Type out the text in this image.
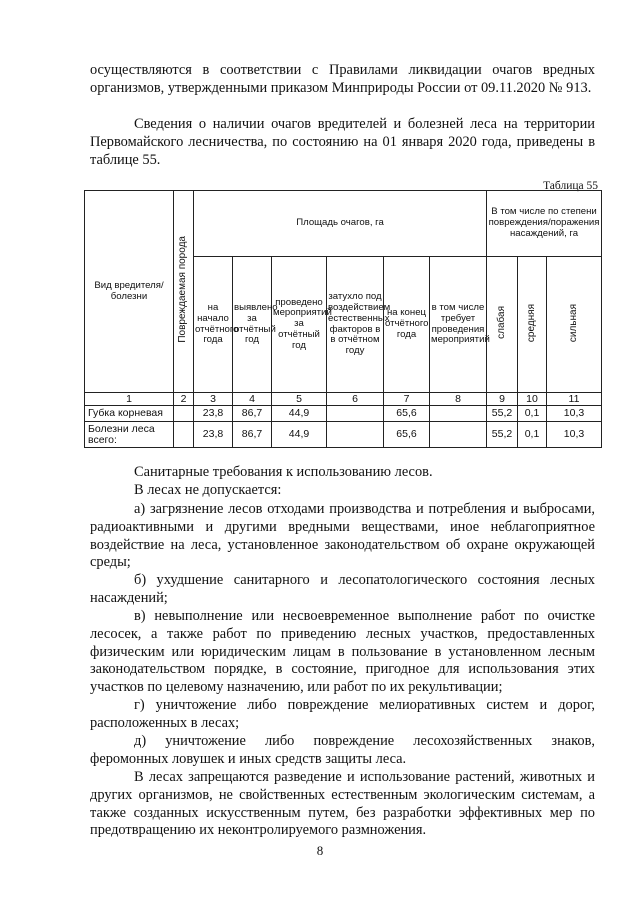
осуществляются в соответствии с Правилами ликвидации очагов вредных организмов, утвержденными приказом Минприроды России от 09.11.2020 № 913.

Сведения о наличии очагов вредителей и болезней леса на территории Первомайского лесничества, по состоянию на 01 января 2020 года, приведены в таблице 55.

Таблица 55
Вид вредителя/болезни	Повреждаемая порода	Площадь очагов, га						В том числе по степени повреждения/поражения насаждений, га		
		на начало отчётного года	выявлено за отчётный год	проведено мероприятий за отчётный год	затухло под воздействием естественных факторов в в отчётном году	на конец отчётного года	в том числе требует проведения мероприятий	слабая	средняя	сильная
1	2	3	4	5	6	7	8	9	10	11
Губка корневая		23,8	86,7	44,9		65,6		55,2	0,1	10,3
Болезни леса всего:		23,8	86,7	44,9		65,6		55,2	0,1	10,3

Санитарные требования к использованию лесов.

В лесах не допускается:

а) загрязнение лесов отходами производства и потребления и выбросами, радиоактивными и другими вредными веществами, иное неблагоприятное воздействие на леса, установленное законодательством об охране окружающей среды;

б) ухудшение санитарного и лесопатологического состояния лесных насаждений;

в) невыполнение или несвоевременное выполнение работ по очистке лесосек, а также работ по приведению лесных участков, предоставленных физическим или юридическим лицам в пользование в установленном лесным законодательством порядке, в состояние, пригодное для использования этих участков по целевому назначению, или работ по их рекультивации;

г) уничтожение либо повреждение мелиоративных систем и дорог, расположенных в лесах;

д) уничтожение либо повреждение лесохозяйственных знаков, феромонных ловушек и иных средств защиты леса.

В лесах запрещаются разведение и использование растений, животных и других организмов, не свойственных естественным экологическим системам, а также созданных искусственным путем, без разработки эффективных мер по предотвращению их неконтролируемого размножения.

8
